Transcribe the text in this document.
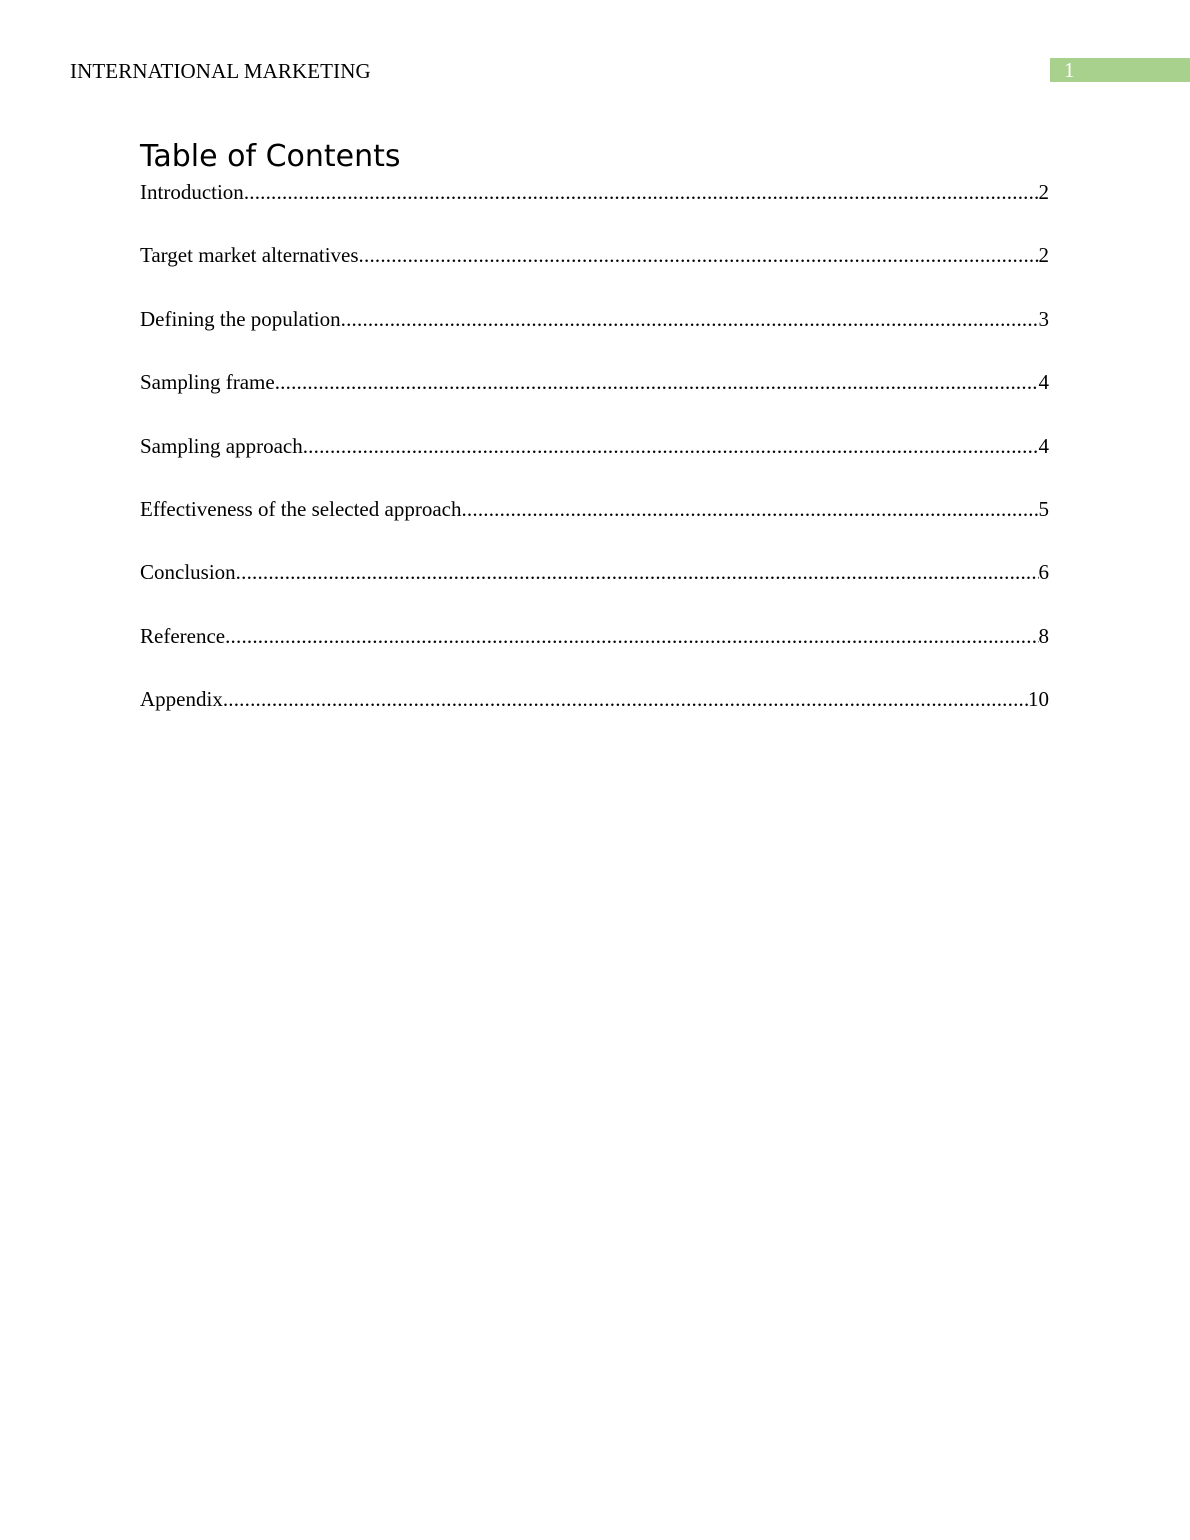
INTERNATIONAL MARKETING	1
Table of Contents
Introduction .....	2
Target market alternatives .....	2
Defining the population .....	3
Sampling frame .....	4
Sampling approach .....	4
Effectiveness of the selected approach .....	5
Conclusion .....	6
Reference .....	8
Appendix .....	10
